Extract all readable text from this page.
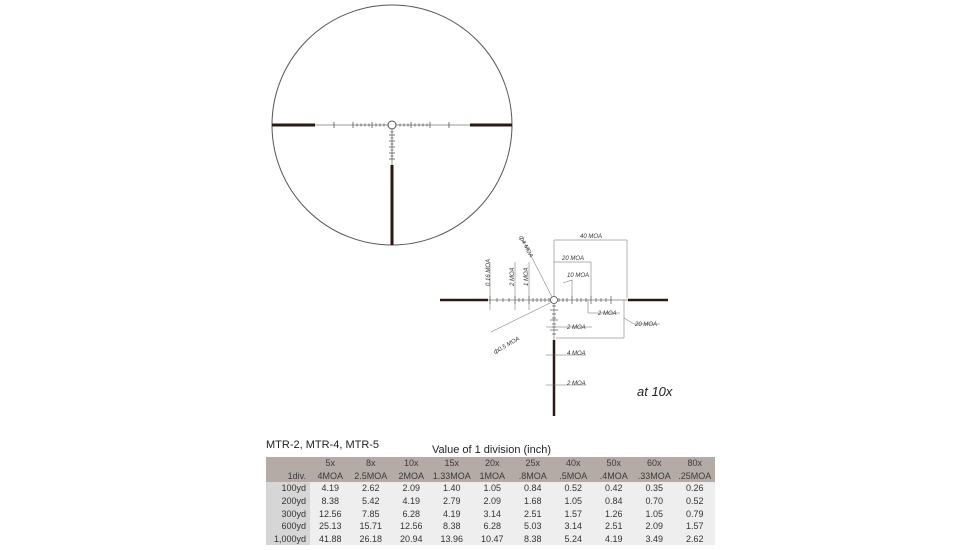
40 MOA
20 MOA
10 MOA
ф4 MOA
0.16 MOA	2 MOA 1 MOA
2 MOA
20 MOA
2 MOA
4 MOA
2 MOA
ф0.5 MOA
at 10x
MTR-2, MTR-4, MTR-5	Value of 1 division (inch)
	5x	8x	10x	15x	20x	25x	40x	50x	60x	80x
1div.	4MOA	2.5MOA	2MOA	1.33MOA	1MOA	.8MOA	.5MOA	.4MOA	.33MOA	.25MOA
100yd	4.19	2.62	2.09	1.40	1.05	0.84	0.52	0.42	0.35	0.26
200yd	8.38	5.42	4.19	2.79	2.09	1.68	1.05	0.84	0.70	0.52
300yd	12.56	7.85	6.28	4.19	3.14	2.51	1.57	1.26	1.05	0.79
600yd	25.13	15.71	12.56	8.38	6.28	5.03	3.14	2.51	2.09	1.57
1,000yd	41.88	26.18	20.94	13.96	10.47	8.38	5.24	4.19	3.49	2.62
